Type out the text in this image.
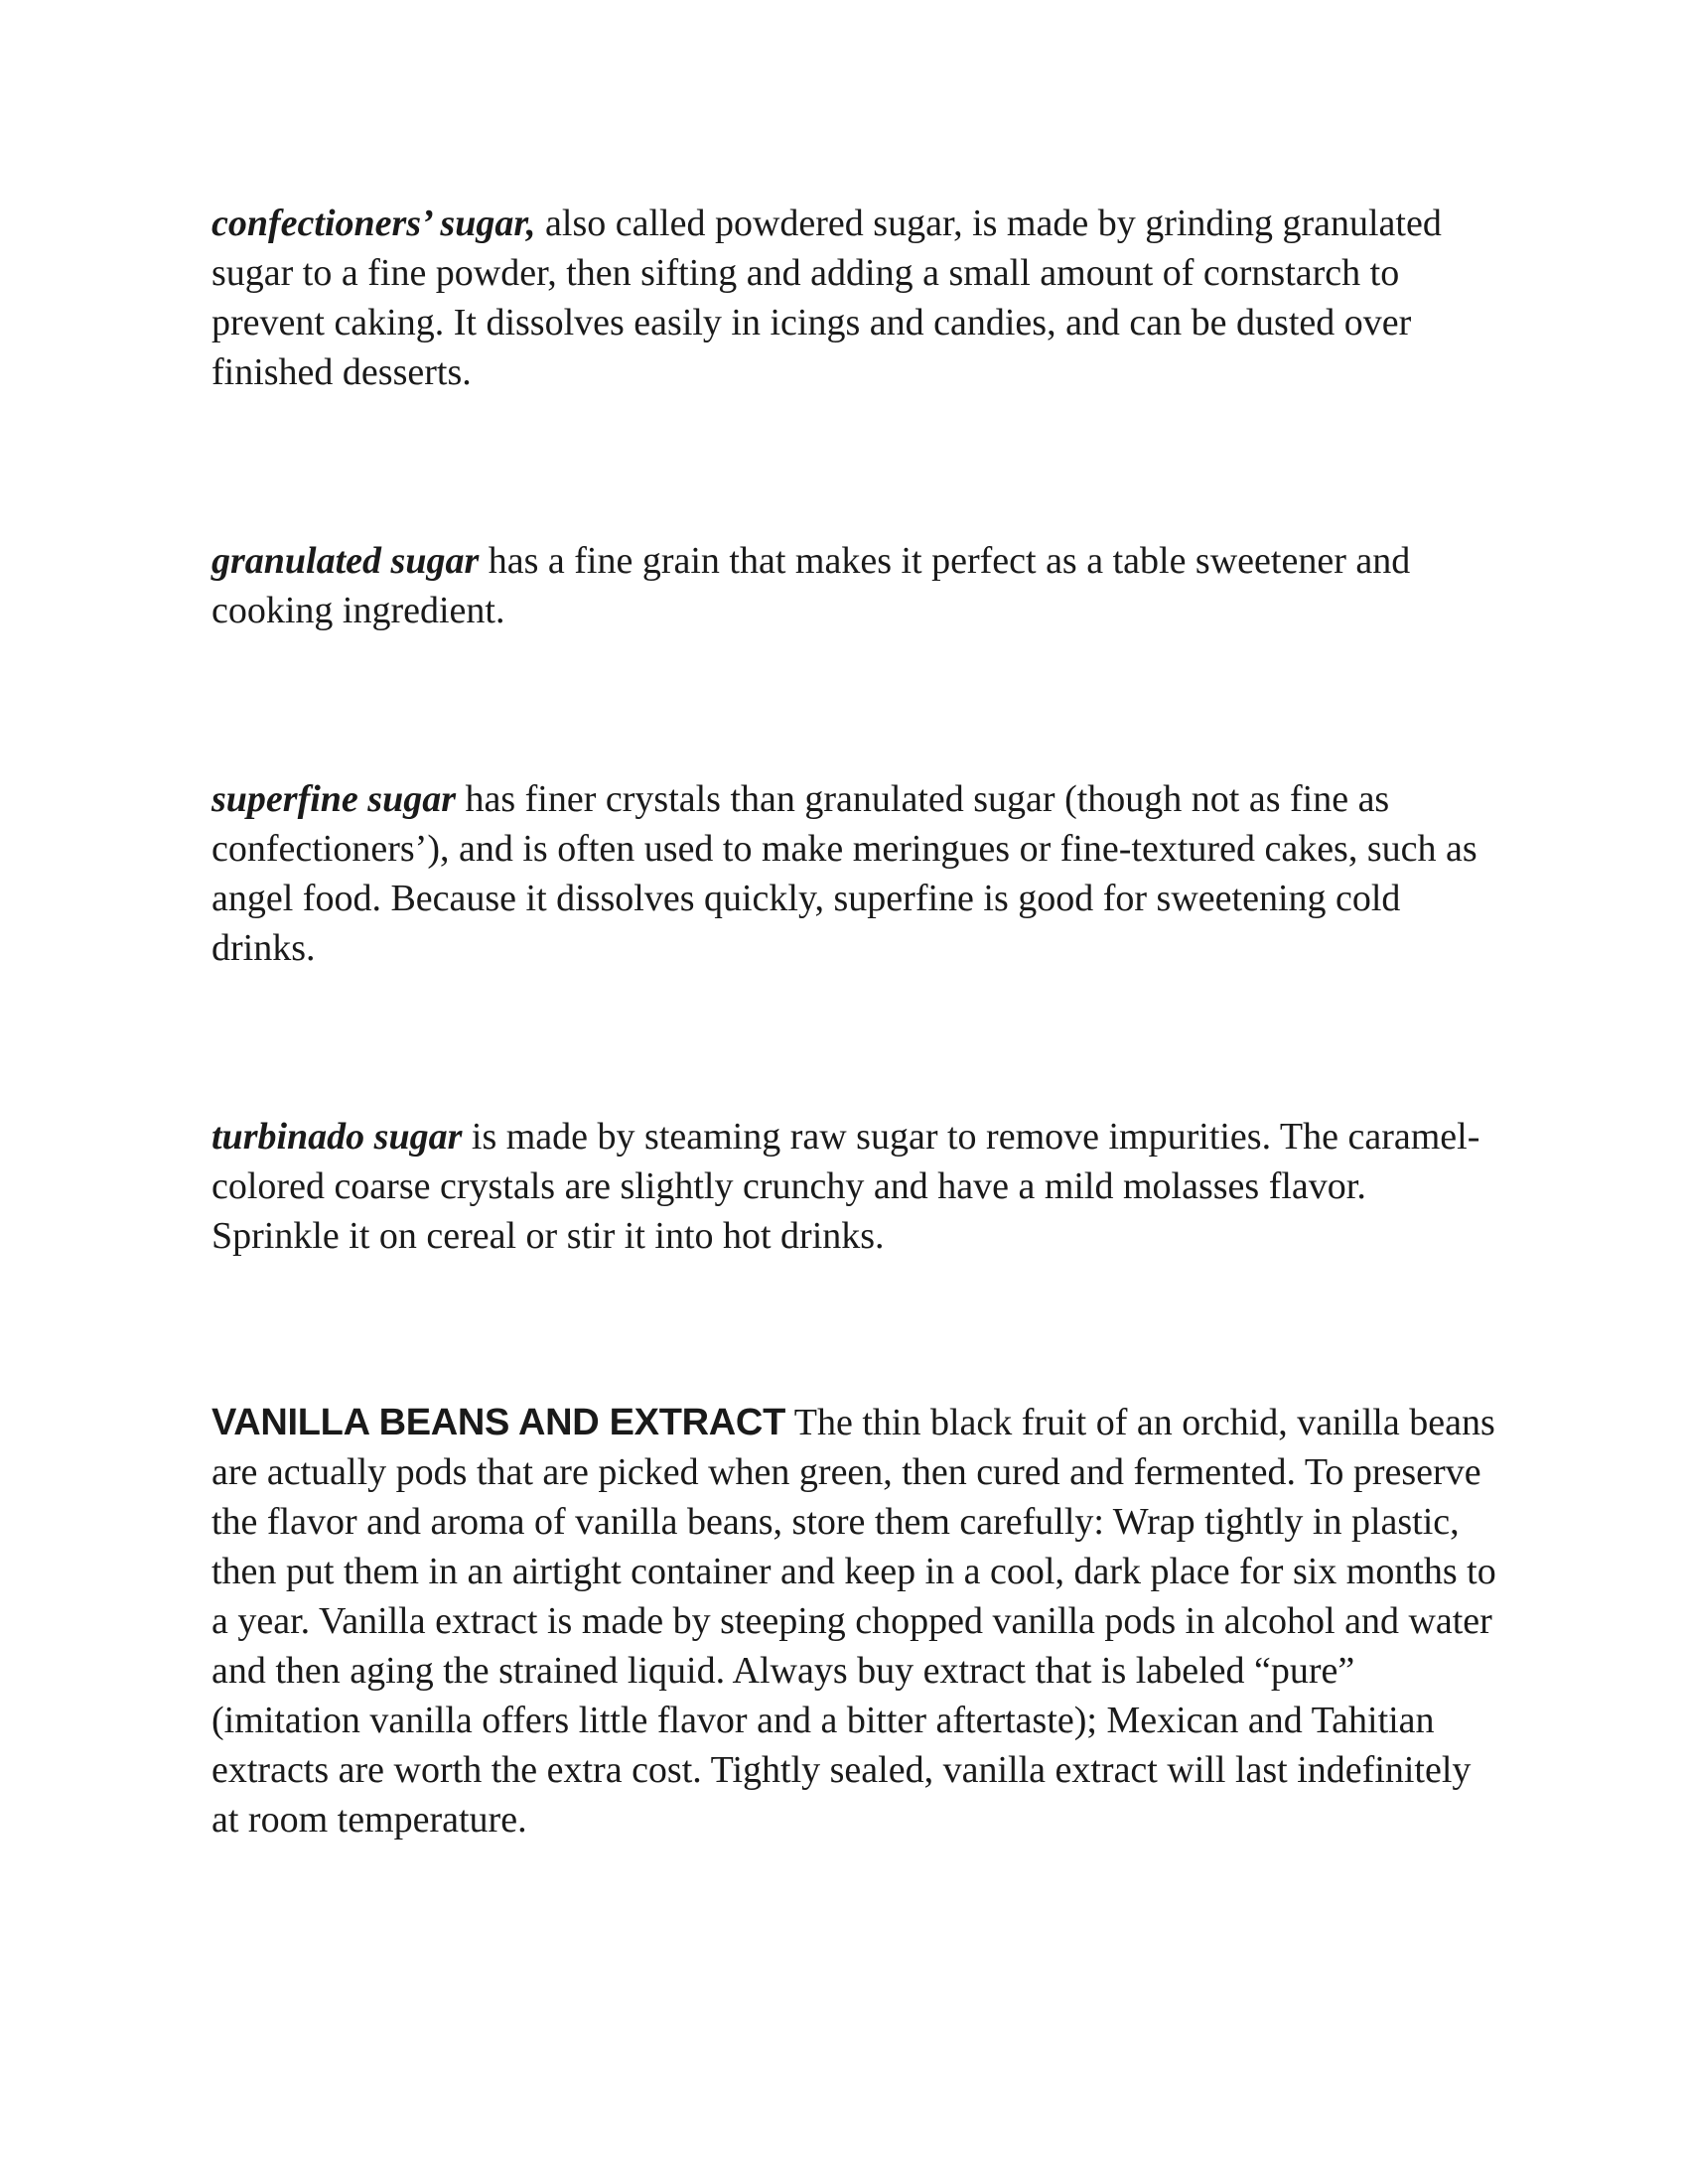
confectioners’ sugar, also called powdered sugar, is made by grinding granulated sugar to a fine powder, then sifting and adding a small amount of cornstarch to prevent caking. It dissolves easily in icings and candies, and can be dusted over finished desserts.

granulated sugar has a fine grain that makes it perfect as a table sweetener and cooking ingredient.

superfine sugar has finer crystals than granulated sugar (though not as fine as confectioners’), and is often used to make meringues or fine-textured cakes, such as angel food. Because it dissolves quickly, superfine is good for sweetening cold drinks.

turbinado sugar is made by steaming raw sugar to remove impurities. The caramel-colored coarse crystals are slightly crunchy and have a mild molasses flavor. Sprinkle it on cereal or stir it into hot drinks.

VANILLA BEANS AND EXTRACT The thin black fruit of an orchid, vanilla beans are actually pods that are picked when green, then cured and fermented. To preserve the flavor and aroma of vanilla beans, store them carefully: Wrap tightly in plastic, then put them in an airtight container and keep in a cool, dark place for six months to a year. Vanilla extract is made by steeping chopped vanilla pods in alcohol and water and then aging the strained liquid. Always buy extract that is labeled “pure” (imitation vanilla offers little flavor and a bitter aftertaste); Mexican and Tahitian extracts are worth the extra cost. Tightly sealed, vanilla extract will last indefinitely at room temperature.
